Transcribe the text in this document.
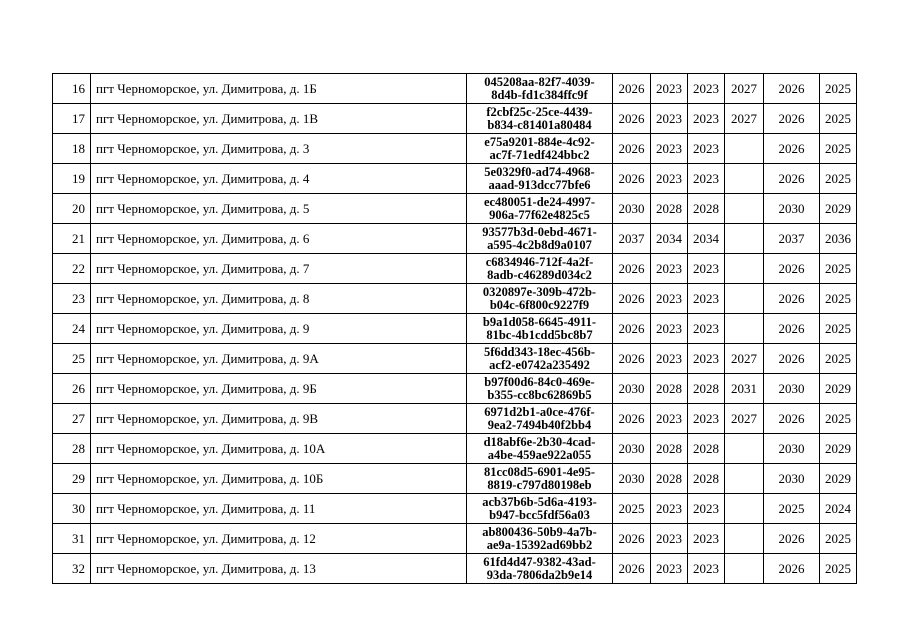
16	пгт Черноморское, ул. Димитрова, д. 1Б	045208aa-82f7-4039-
8d4b-fd1c384ffc9f	2026	2023	2023	2027	2026	2025
17	пгт Черноморское, ул. Димитрова, д. 1В	f2cbf25c-25ce-4439-
b834-c81401a80484	2026	2023	2023	2027	2026	2025
18	пгт Черноморское, ул. Димитрова, д. 3	e75a9201-884e-4c92-
ac7f-71edf424bbc2	2026	2023	2023		2026	2025
19	пгт Черноморское, ул. Димитрова, д. 4	5e0329f0-ad74-4968-
aaad-913dcc77bfe6	2026	2023	2023		2026	2025
20	пгт Черноморское, ул. Димитрова, д. 5	ec480051-de24-4997-
906a-77f62e4825c5	2030	2028	2028		2030	2029
21	пгт Черноморское, ул. Димитрова, д. 6	93577b3d-0ebd-4671-
a595-4c2b8d9a0107	2037	2034	2034		2037	2036
22	пгт Черноморское, ул. Димитрова, д. 7	c6834946-712f-4a2f-
8adb-c46289d034c2	2026	2023	2023		2026	2025
23	пгт Черноморское, ул. Димитрова, д. 8	0320897e-309b-472b-
b04c-6f800c9227f9	2026	2023	2023		2026	2025
24	пгт Черноморское, ул. Димитрова, д. 9	b9a1d058-6645-4911-
81bc-4b1cdd5bc8b7	2026	2023	2023		2026	2025
25	пгт Черноморское, ул. Димитрова, д. 9А	5f6dd343-18ec-456b-
acf2-e0742a235492	2026	2023	2023	2027	2026	2025
26	пгт Черноморское, ул. Димитрова, д. 9Б	b97f00d6-84c0-469e-
b355-cc8bc62869b5	2030	2028	2028	2031	2030	2029
27	пгт Черноморское, ул. Димитрова, д. 9В	6971d2b1-a0ce-476f-
9ea2-7494b40f2bb4	2026	2023	2023	2027	2026	2025
28	пгт Черноморское, ул. Димитрова, д. 10А	d18abf6e-2b30-4cad-
a4be-459ae922a055	2030	2028	2028		2030	2029
29	пгт Черноморское, ул. Димитрова, д. 10Б	81cc08d5-6901-4e95-
8819-c797d80198eb	2030	2028	2028		2030	2029
30	пгт Черноморское, ул. Димитрова, д. 11	acb37b6b-5d6a-4193-
b947-bcc5fdf56a03	2025	2023	2023		2025	2024
31	пгт Черноморское, ул. Димитрова, д. 12	ab800436-50b9-4a7b-
ae9a-15392ad69bb2	2026	2023	2023		2026	2025
32	пгт Черноморское, ул. Димитрова, д. 13	61fd4d47-9382-43ad-
93da-7806da2b9e14	2026	2023	2023		2026	2025
